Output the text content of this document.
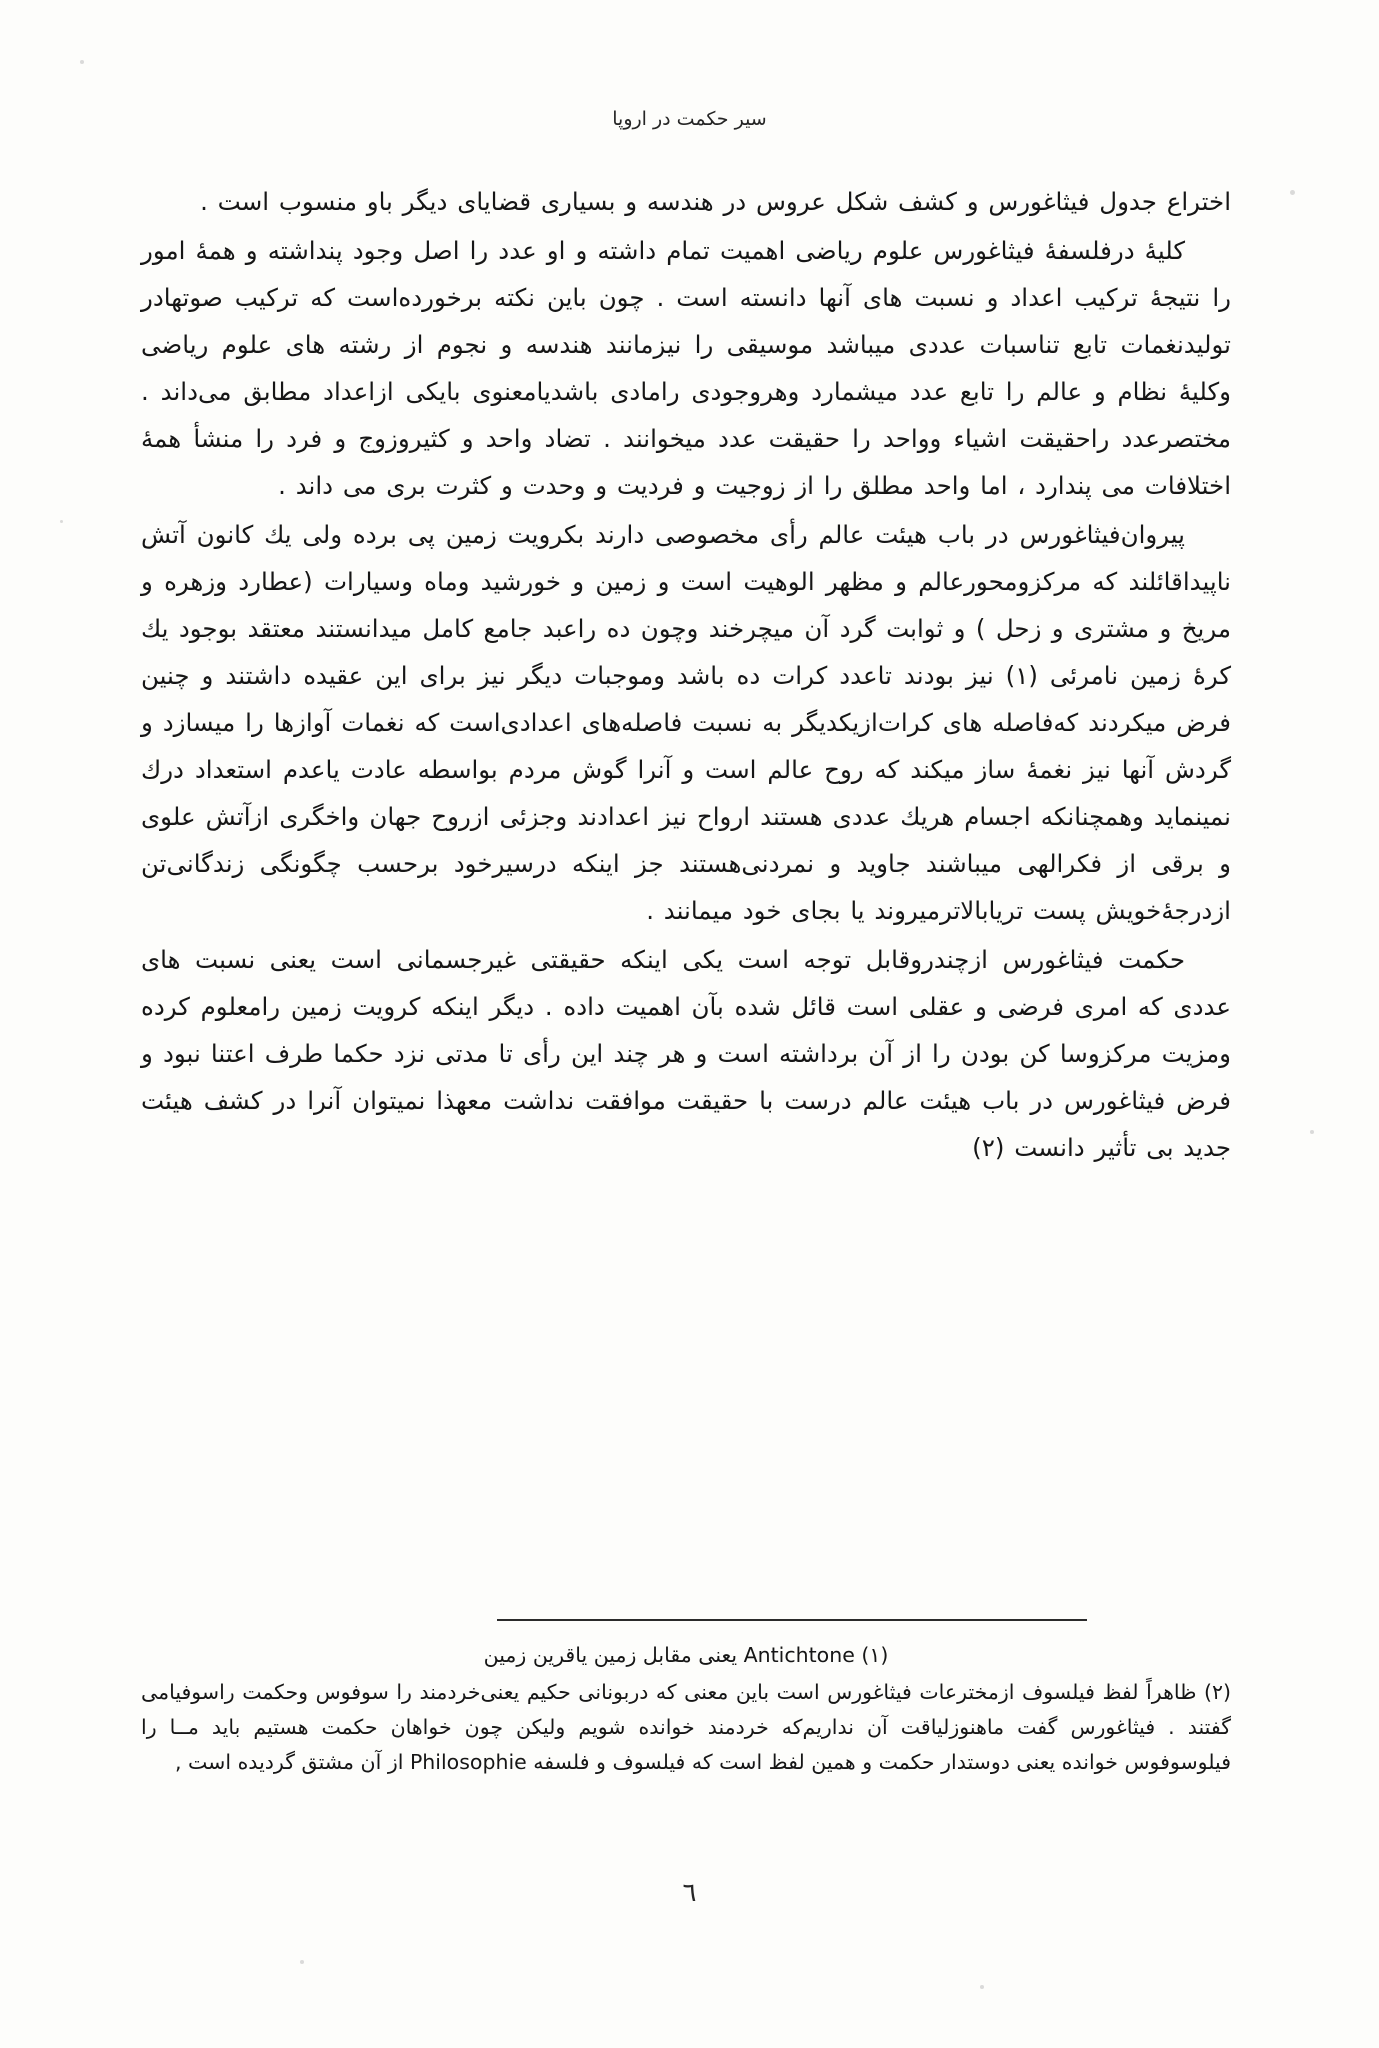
سیر حکمت در اروپا

اختراع جدول فیثاغورس و کشف شکل عروس در هندسه و بسیاری قضایای دیگر باو منسوب است .

کلیهٔ درفلسفهٔ فیثاغورس علوم ریاضی اهمیت تمام داشته و او عدد را اصل وجود پنداشته و همهٔ امور را نتیجهٔ ترکیب اعداد و نسبت های آنها دانسته است . چون باین نکته برخورده‌است که ترکیب صوتهادر تولیدنغمات تابع تناسبات عددی میباشد موسیقی را نیزمانند هندسه و نجوم از رشته های علوم ریاضی وکلیهٔ نظام و عالم را تابع عدد میشمارد وهروجودی رامادی باشدیامعنوی بایکی ازاعداد مطابق می‌داند . مختصرعدد راحقیقت اشیاء وواحد را حقیقت عدد میخوانند . تضاد واحد و کثیروزوج و فرد را منشأ همهٔ اختلافات می پندارد ، اما واحد مطلق را از زوجیت و فردیت و وحدت و کثرت بری می داند .

پیروان‌فیثاغورس در باب هیئت عالم رأی مخصوصی دارند بکرویت زمین پی برده ولی یك کانون آتش ناپیداقائلند که مرکزومحورعالم و مظهر الوهیت است و زمین و خورشید وماه وسیارات (عطارد وزهره و مریخ و مشتری و زحل ) و ثوابت گرد آن میچرخند وچون ده را‌عبد جامع کامل میدانستند معتقد بوجود یك کرهٔ زمین نامرئی (۱) نیز بودند تاعدد کرات ده باشد وموجبات دیگر نیز برای این عقیده داشتند و چنین فرض میکردند که‌فاصله های کرات‌ازیکدیگر به نسبت فاصله‌های اعدادی‌است که نغمات آوازها را میسازد و گردش آنها نیز نغمهٔ ساز میکند که روح عالم است و آنرا گوش مردم بواسطه عادت یا‌عدم استعداد درك نمینماید وهمچنانکه اجسام هریك عددی هستند ارواح نیز اعدادند وجزئی ازروح جهان واخگری ازآتش علوی و برقی از فکرالهی میباشند جاوید و نمردنی‌هستند جز اینکه در‌سیرخود برحسب چگونگی زندگانی‌تن ازدرجهٔ‌خویش پست تریابالاترمیروند یا بجای خود میمانند .

حکمت فیثاغورس ازچندروقابل توجه است یکی اینکه حقیقتی غیرجسمانی است یعنی نسبت های عددی که امری فرضی و عقلی است قائل شده بآن اهمیت داده . دیگر اینکه کرویت زمین رامعلوم کرده ومزیت مرکزوسا کن بودن را از آن برداشته است و هر چند این رأی تا مدتی نزد حکما طرف اعتنا نبود و فرض فیثاغورس در باب هیئت عالم درست با حقیقت موافقت نداشت معهذا نمیتوان آنرا در کشف هیئت جدید بی تأثیر دانست (۲)

(۱) Antichtone یعنی مقابل زمین یاقرین زمین

(۲) ظاهراً لفظ فیلسوف ازمخترعات فیثاغورس است باین معنی که دربونانی حکیم یعنی‌خردمند را سوفوس وحکمت راسوفیامی گفتند . فیثاغورس گفت ماهنوزلیاقت آن نداریم‌که خردمند خوانده شویم ولیکن چون خواهان حکمت هستیم باید مــا را فیلوسوفوس خوانده یعنی دوستدار حکمت و همین لفظ است که فیلسوف و فلسفه Philosophie از آن مشتق گردیده است ,

٦
